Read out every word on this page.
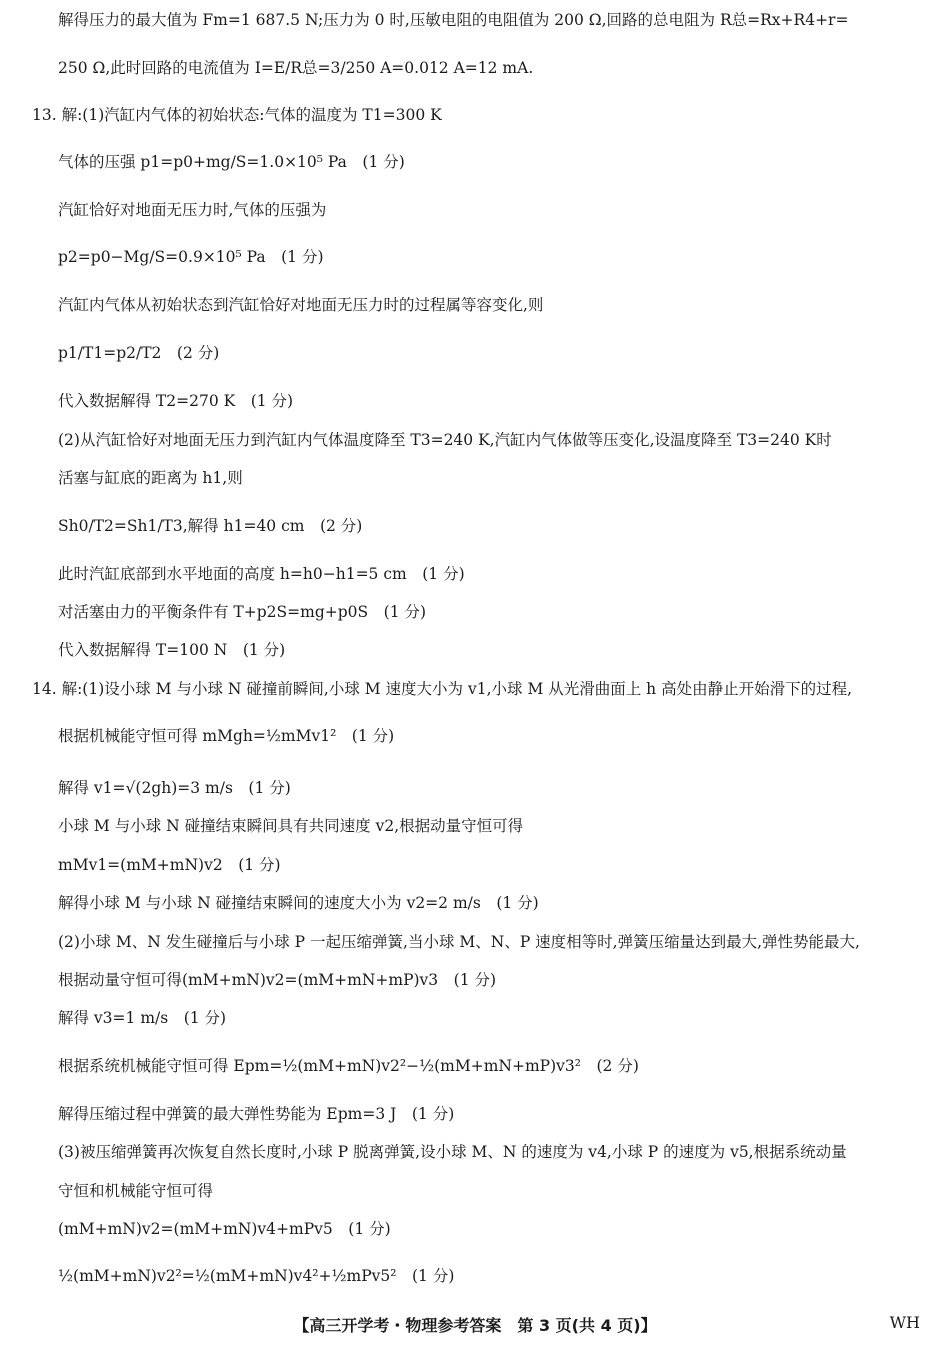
解得压力的最大值为 Fm=1 687.5 N;压力为 0 时,压敏电阻的电阻值为 200 Ω,回路的总电阻为 R总=Rx+R4+r=
250 Ω,此时回路的电流值为 I=E/R总=3/250 A=0.012 A=12 mA.
13. 解:(1)汽缸内气体的初始状态:气体的温度为 T1=300 K
气体的压强 p1=p0+mg/S=1.0×10⁵ Pa　(1 分)
汽缸恰好对地面无压力时,气体的压强为
p2=p0−Mg/S=0.9×10⁵ Pa　(1 分)
汽缸内气体从初始状态到汽缸恰好对地面无压力时的过程属等容变化,则
p1/T1=p2/T2　(2 分)
代入数据解得 T2=270 K　(1 分)
(2)从汽缸恰好对地面无压力到汽缸内气体温度降至 T3=240 K,汽缸内气体做等压变化,设温度降至 T3=240 K时
活塞与缸底的距离为 h1,则
Sh0/T2=Sh1/T3,解得 h1=40 cm　(2 分)
此时汽缸底部到水平地面的高度 h=h0−h1=5 cm　(1 分)
对活塞由力的平衡条件有 T+p2S=mg+p0S　(1 分)
代入数据解得 T=100 N　(1 分)
14. 解:(1)设小球 M 与小球 N 碰撞前瞬间,小球 M 速度大小为 v1,小球 M 从光滑曲面上 h 高处由静止开始滑下的过程,
根据机械能守恒可得 mMgh=½mMv1²　(1 分)
解得 v1=√(2gh)=3 m/s　(1 分)
小球 M 与小球 N 碰撞结束瞬间具有共同速度 v2,根据动量守恒可得
mMv1=(mM+mN)v2　(1 分)
解得小球 M 与小球 N 碰撞结束瞬间的速度大小为 v2=2 m/s　(1 分)
(2)小球 M、N 发生碰撞后与小球 P 一起压缩弹簧,当小球 M、N、P 速度相等时,弹簧压缩量达到最大,弹性势能最大,
根据动量守恒可得(mM+mN)v2=(mM+mN+mP)v3　(1 分)
解得 v3=1 m/s　(1 分)
根据系统机械能守恒可得 Epm=½(mM+mN)v2²−½(mM+mN+mP)v3²　(2 分)
解得压缩过程中弹簧的最大弹性势能为 Epm=3 J　(1 分)
(3)被压缩弹簧再次恢复自然长度时,小球 P 脱离弹簧,设小球 M、N 的速度为 v4,小球 P 的速度为 v5,根据系统动量
守恒和机械能守恒可得
(mM+mN)v2=(mM+mN)v4+mPv5　(1 分)
½(mM+mN)v2²=½(mM+mN)v4²+½mPv5²　(1 分)
【高三开学考・物理参考答案　第 3 页(共 4 页)】	WH
